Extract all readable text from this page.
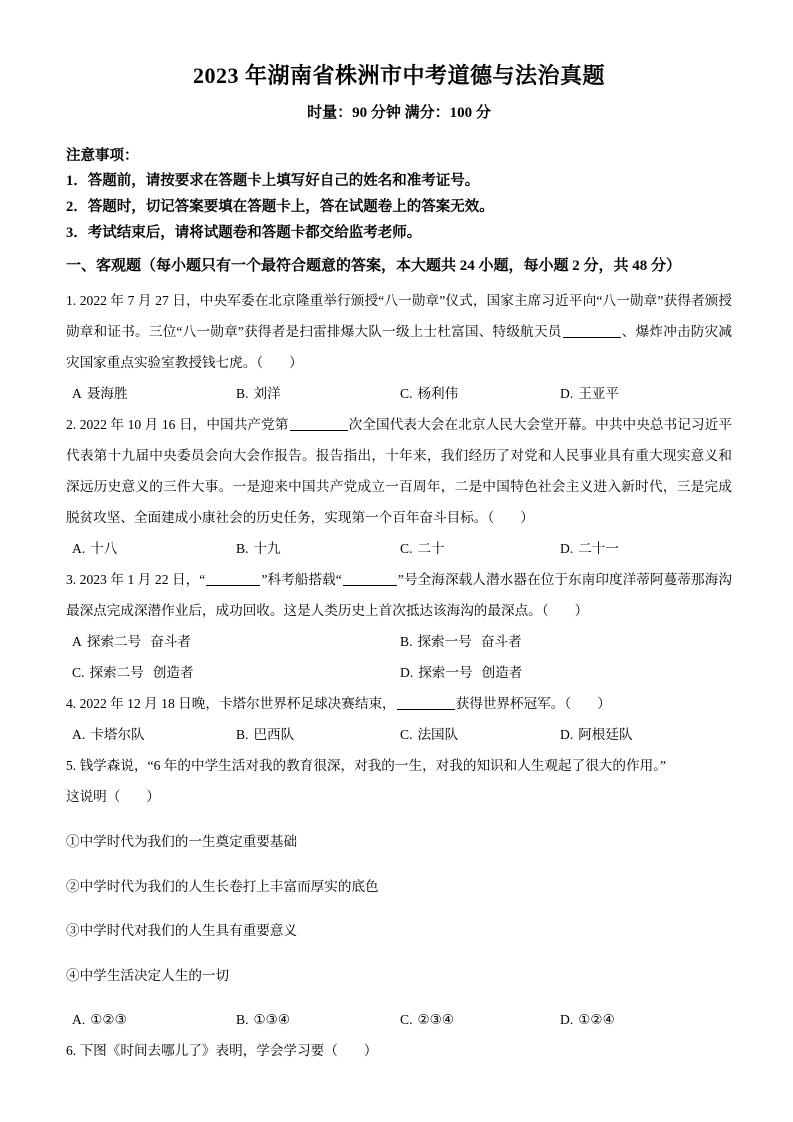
2023 年湖南省株洲市中考道德与法治真题

时量：90 分钟 满分：100 分

注意事项：

1．答题前，请按要求在答题卡上填写好自己的姓名和准考证号。

2．答题时，切记答案要填在答题卡上，答在试题卷上的答案无效。

3．考试结束后，请将试题卷和答题卡都交给监考老师。

一、客观题（每小题只有一个最符合题意的答案，本大题共 24 小题，每小题 2 分，共 48 分）

1. 2022 年 7 月 27 日，中央军委在北京隆重举行颁授“八一勋章”仪式，国家主席习近平向“八一勋章”获得者颁授勋章和证书。三位“八一勋章”获得者是扫雷排爆大队一级上士杜富国、特级航天员	、爆炸冲击防灾减灾国家重点实验室教授钱七虎。（ ）

A 聂海胜	B. 刘洋	C. 杨利伟	D. 王亚平

2. 2022 年 10 月 16 日，中国共产党第	次全国代表大会在北京人民大会堂开幕。中共中央总书记习近平代表第十九届中央委员会向大会作报告。报告指出，十年来，我们经历了对党和人民事业具有重大现实意义和深远历史意义的三件大事。一是迎来中国共产党成立一百周年，二是中国特色社会主义进入新时代，三是完成脱贫攻坚、全面建成小康社会的历史任务，实现第一个百年奋斗目标。（ ）

A. 十八	B. 十九	C. 二十	D. 二十一

3. 2023 年 1 月 22 日，“	”科考船搭载“	”号全海深载人潜水器在位于东南印度洋蒂阿蔓蒂那海沟最深点完成深潜作业后，成功回收。这是人类历史上首次抵达该海沟的最深点。（ ）

A 探索二号 奋斗者	B. 探索一号 奋斗者
C. 探索二号 创造者	D. 探索一号 创造者

4. 2022 年 12 月 18 日晚，卡塔尔世界杯足球决赛结束，	获得世界杯冠军。（ ）

A. 卡塔尔队	B. 巴西队	C. 法国队	D. 阿根廷队

5. 钱学森说，“6 年的中学生活对我的教育很深，对我的一生，对我的知识和人生观起了很大的作用。”

这说明（ ）

①中学时代为我们的一生奠定重要基础

②中学时代为我们的人生长卷打上丰富而厚实的底色

③中学时代对我们的人生具有重要意义

④中学生活决定人生的一切

A. ①②③	B. ①③④	C. ②③④	D. ①②④

6. 下图《时间去哪儿了》表明，学会学习要（ ）
